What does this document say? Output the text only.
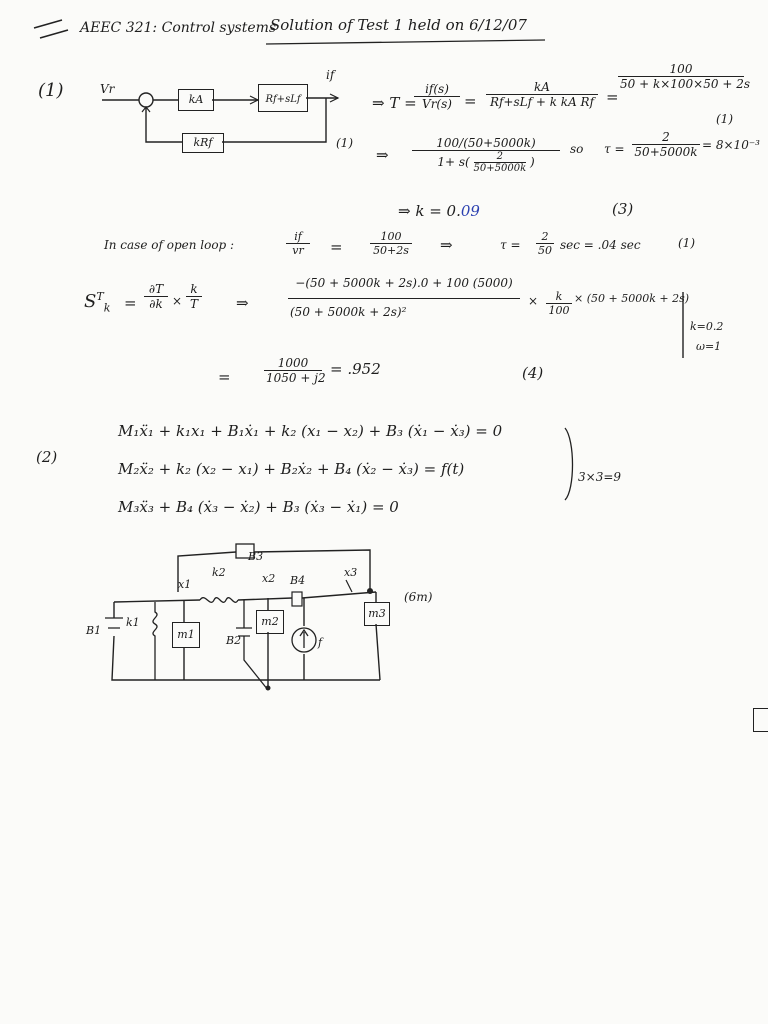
AEEC 321: Control systems
Solution of Test 1 held on 6/12/07
(1)	Vr
kA	Rf+sLf
if
kRf
⇒ T =
$\frac{if(s)}{Vr(s)}$ =
kA
Rf+sLf + k kA Rf =
$\frac{100}{50 + k\times 100\times 50 + 2s}$
(1)
(1)
⇒ $\frac{100/(50+5000k)}{1+ s( \frac{2}{50+5000k} )}$ so $\tau = \frac{2}{50+5000k} = 8\times 10^{-3}$
⇒ k = 0.09	(3)
In case of open loop :	$\frac{if}{vr} = \frac{100}{50+2s}$ ⇒	$\tau = \frac{2}{50}$ sec = .04 sec	(1)
$S^T_k = \frac{\partial T}{\partial k} \times \frac{k}{T}$ ⇒	$\frac{-(50 + 5000k + 2s).0 + 100 (5000)}{\text{(50 + 5000k + 2s)²}} \times \frac{k}{100} \times (50 + 5000k + 2s)$
k=0.2
ω=1
=	$\frac{1000}{1050 + j2} = .952$	(4)
(2)
M₁ẍ₁ + k₁x₁ + B₁ẋ₁ + k₂ (x₁ − x₂) + B₃ (ẋ₁ − ẋ₃) = 0
M₂ẍ₂ + k₂ (x₂ − x₁) + B₂ẋ₂ + B₄ (ẋ₂ − ẋ₃) = f(t)
M₃ẍ₃ + B₄ (ẋ₃ − ẋ₂) + B₃ (ẋ₃ − ẋ₁) = 0
3×3=9
B3
x1
k2	x2 B4
x3
B1
k1
m1	B2
m2
f
m3
(6m)
